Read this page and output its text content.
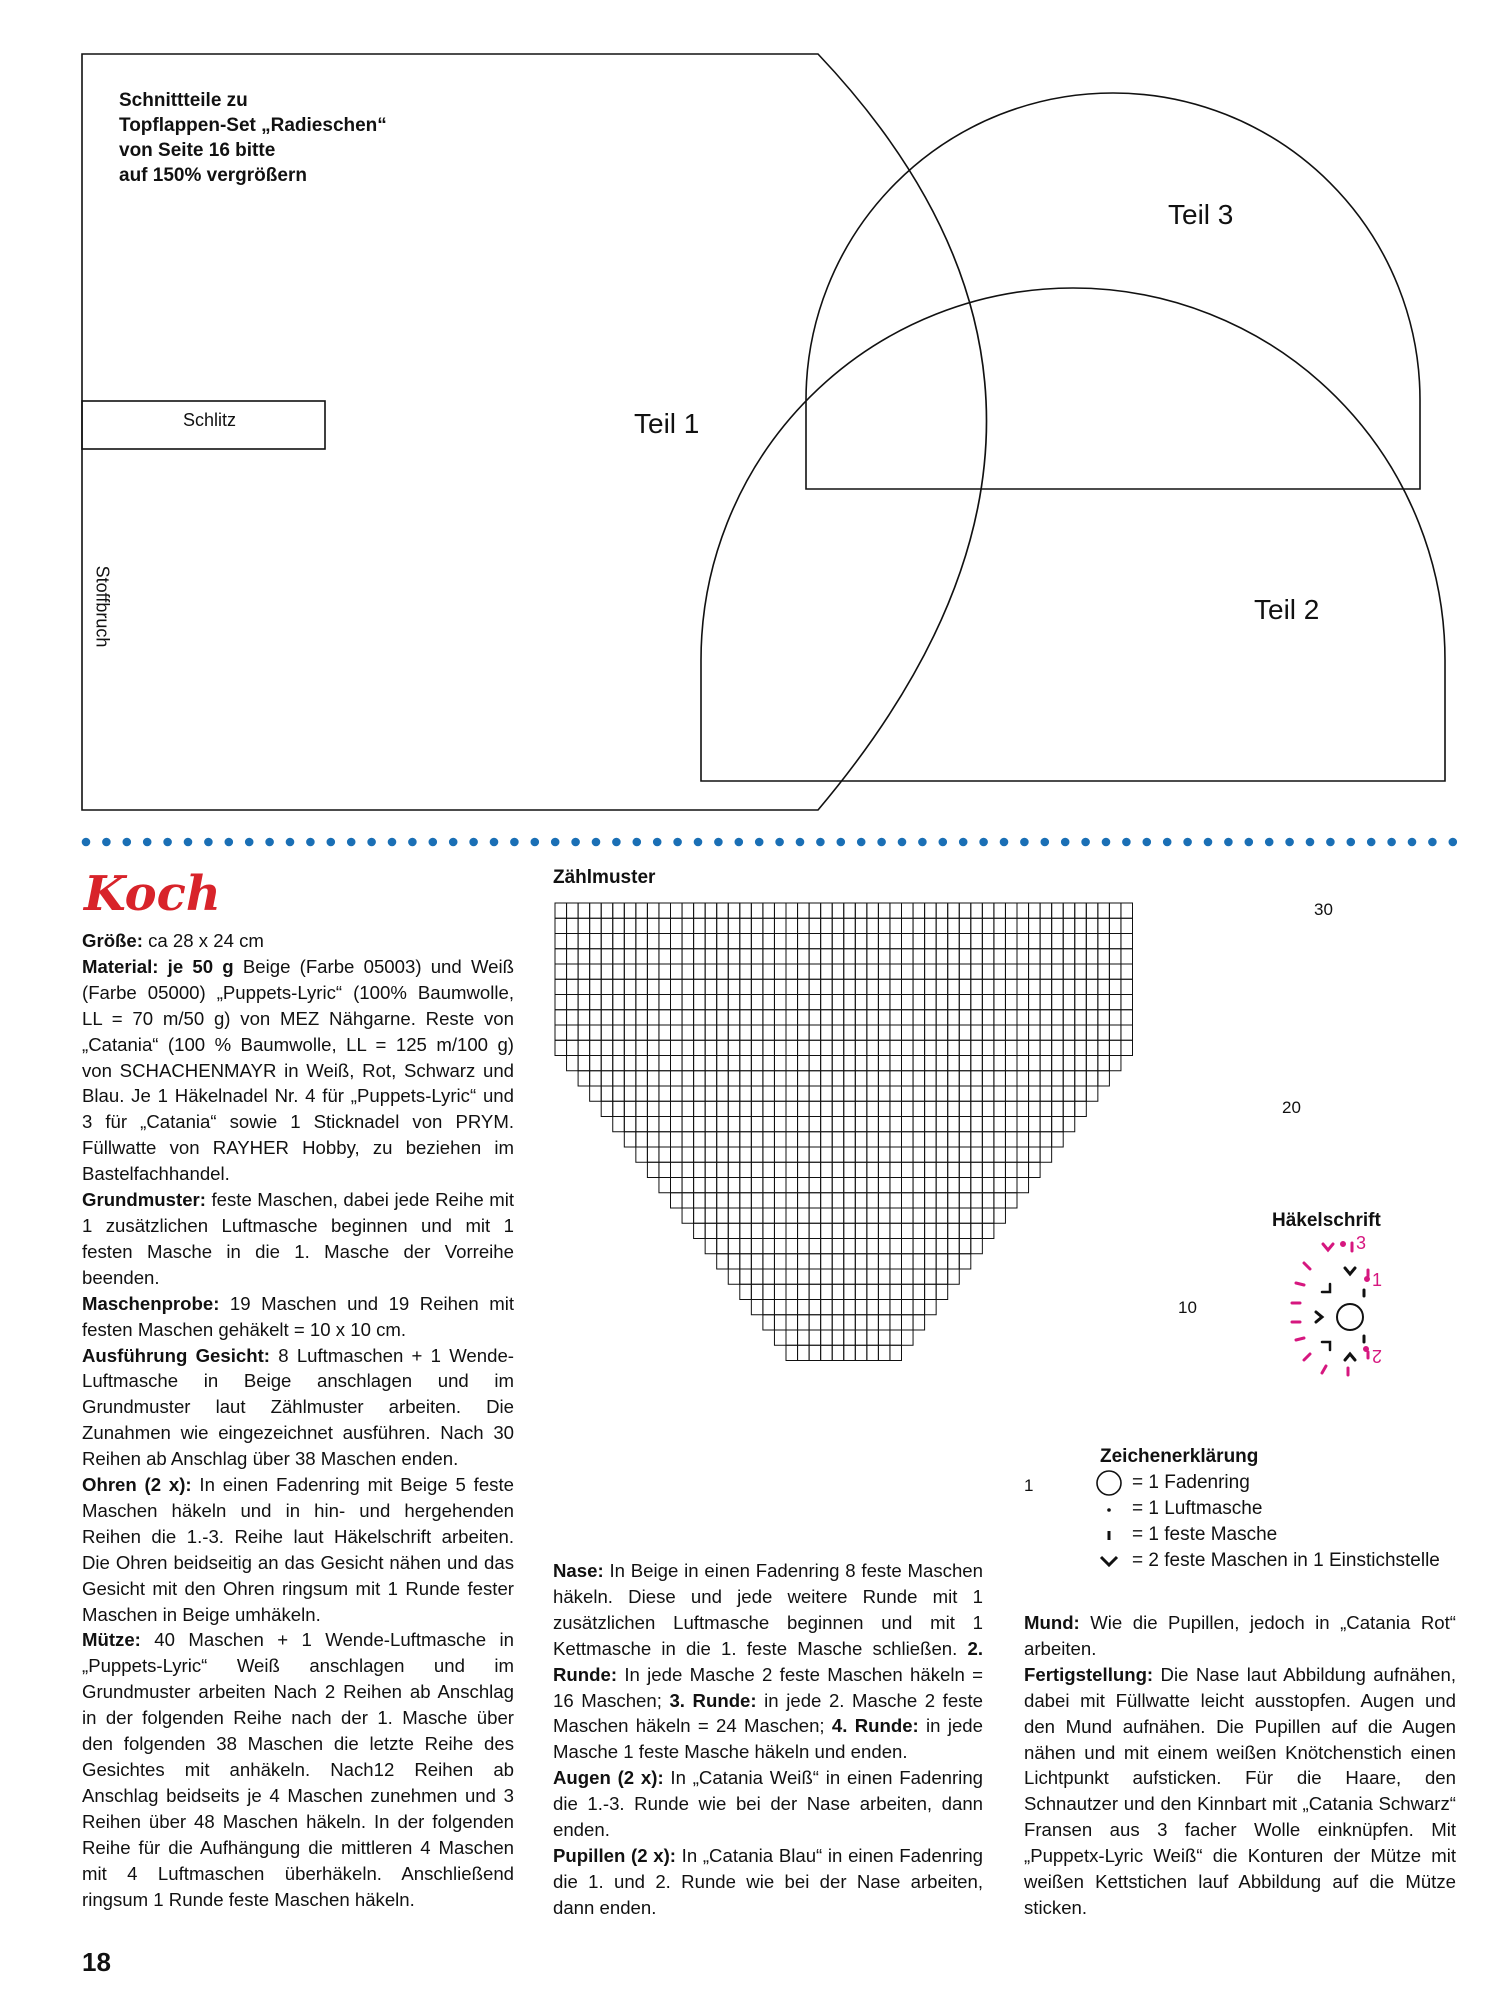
Schnittteile zu
Topflappen-Set „Radieschen“
von Seite 16 bitte
auf 150% vergrößern
Schlitz
Stoffbruch
Teil 1
Teil 2
Teil 3
Koch

Größe: ca 28 x 24 cm

Material: je 50 g Beige (Farbe 05003) und Weiß (Farbe 05000) „Puppets-Lyric“ (100% Baumwolle, LL = 70 m/50 g) von MEZ Nähgarne. Reste von „Catania“ (100 % Baumwolle, LL = 125 m/100 g) von SCHACHENMAYR in Weiß, Rot, Schwarz und Blau. Je 1 Häkelnadel Nr. 4 für „Puppets-Lyric“ und 3 für „Catania“ sowie 1 Sticknadel von PRYM. Füllwatte von RAYHER Hobby, zu beziehen im Bastelfachhandel.

Grundmuster: feste Maschen, dabei jede Reihe mit 1 zusätzlichen Luftmasche beginnen und mit 1 festen Masche in die 1. Masche der Vorreihe beenden.

Maschenprobe: 19 Maschen und 19 Reihen mit festen Maschen gehäkelt = 10 x 10 cm.

Ausführung Gesicht: 8 Luftmaschen + 1 Wende-Luftmasche in Beige anschlagen und im Grundmuster laut Zählmuster arbeiten. Die Zunahmen wie eingezeichnet ausführen. Nach 30 Reihen ab Anschlag über 38 Maschen enden.

Ohren (2 x): In einen Fadenring mit Beige 5 feste Maschen häkeln und in hin- und hergehenden Reihen die 1.-3. Reihe laut Häkelschrift arbeiten. Die Ohren beidseitig an das Gesicht nähen und das Gesicht mit den Ohren ringsum mit 1 Runde fester Maschen in Beige umhäkeln.

Mütze: 40 Maschen + 1 Wende-Luftmasche in „Puppets-Lyric“ Weiß anschlagen und im Grundmuster arbeiten Nach 2 Reihen ab Anschlag in der folgenden Reihe nach der 1. Masche über den folgenden 38 Maschen die letzte Reihe des Gesichtes mit anhäkeln. Nach12 Reihen ab Anschlag beidseits je 4 Maschen zunehmen und 3 Reihen über 48 Maschen häkeln. In der folgenden Reihe für die Aufhängung die mittleren 4 Maschen mit 4 Luftmaschen überhäkeln. Anschließend ringsum 1 Runde feste Maschen häkeln.

Zählmuster
30
20
10
1
Häkelschrift
3
1
2
Zeichenerklärung
= 1 Fadenring
= 1 Luftmasche
= 1 feste Masche
= 2 feste Maschen in 1 Einstichstelle

Nase: In Beige in einen Fadenring 8 feste Maschen häkeln. Diese und jede weitere Runde mit 1 zusätzlichen Luftmasche beginnen und mit 1 Kettmasche in die 1. feste Masche schließen. 2. Runde: In jede Masche 2 feste Maschen häkeln = 16 Maschen; 3. Runde: in jede 2. Masche 2 feste Maschen häkeln = 24 Maschen; 4. Runde: in jede Masche 1 feste Masche häkeln und enden.

Augen (2 x): In „Catania Weiß“ in einen Fadenring die 1.-3. Runde wie bei der Nase arbeiten, dann enden.

Pupillen (2 x): In „Catania Blau“ in einen Fadenring die 1. und 2. Runde wie bei der Nase arbeiten, dann enden.

Mund: Wie die Pupillen, jedoch in „Catania Rot“ arbeiten.

Fertigstellung: Die Nase laut Abbildung aufnähen, dabei mit Füllwatte leicht ausstopfen. Augen und den Mund aufnähen. Die Pupillen auf die Augen nähen und mit einem weißen Knötchenstich einen Lichtpunkt aufsticken. Für die Haare, den Schnautzer und den Kinnbart mit „Catania Schwarz“ Fransen aus 3 facher Wolle einknüpfen. Mit „Puppetx-Lyric Weiß“ die Konturen der Mütze mit weißen Kettstichen lauf Abbildung auf die Mütze sticken.

18
